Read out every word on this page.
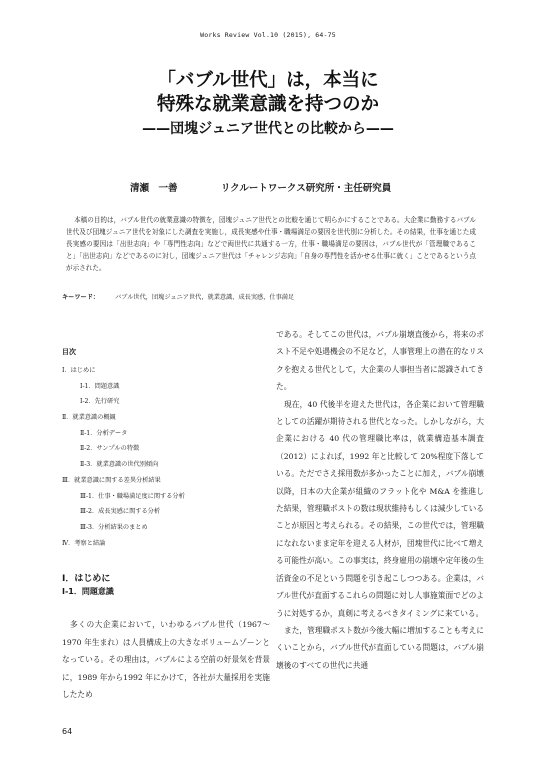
Works Review Vol.10 (2015), 64-75
「バブル世代」は，本当に
特殊な就業意識を持つのか
——団塊ジュニア世代との比較から——
清瀬　一善	リクルートワークス研究所・主任研究員
本稿の目的は，バブル世代の就業意識の特徴を，団塊ジュニア世代との比較を通じて明らかにすることである。大企業に勤務するバブル世代及び団塊ジュニア世代を対象にした調査を実施し，成長実感や仕事・職場満足の要因を世代別に分析した。その結果，仕事を通じた成長実感の要因は「出世志向」や「専門性志向」などで両世代に共通する一方，仕事・職場満足の要因は，バブル世代が「管理職であること」「出世志向」などであるのに対し，団塊ジュニア世代は「チャレンジ志向」「自身の専門性を活かせる仕事に就く」ことであるという点が示された。
キーワード：	バブル世代，団塊ジュニア世代，就業意識，成長実感，仕事満足
目次
Ⅰ．はじめに
Ⅰ-1．問題意識
Ⅰ-2．先行研究
Ⅱ．就業意識の概観
Ⅱ-1．分析データ
Ⅱ-2．サンプルの特徴
Ⅱ-3．就業意識の世代別傾向
Ⅲ．就業意識に関する差異分析結果
Ⅲ-1．仕事・職場満足度に関する分析
Ⅲ-2．成長実感に関する分析
Ⅲ-3．分析結果のまとめ
Ⅳ．考察と結論
Ⅰ．はじめに
Ⅰ-1．問題意識
多くの大企業において，いわゆるバブル世代（1967～1970 年生まれ）は人員構成上の大きなボリュームゾーンとなっている。その理由は，バブルによる空前の好景気を背景に，1989 年から1992 年にかけて，各社が大量採用を実施したため

である。そしてこの世代は，バブル崩壊直後から，将来のポスト不足や処遇機会の不足など，人事管理上の潜在的なリスクを抱える世代として，大企業の人事担当者に認識されてきた。

現在，40 代後半を迎えた世代は，各企業において管理職としての活躍が期待される世代となった。しかしながら，大企業における 40 代の管理職比率は，就業構造基本調査（2012）によれば，1992 年と比較して 20%程度下落している。ただでさえ採用数が多かったことに加え，バブル崩壊以降，日本の大企業が組織のフラット化や M&A を推進した結果，管理職ポストの数は現状維持もしくは減少していることが原因と考えられる。その結果，この世代では，管理職になれないまま定年を迎える人材が，団塊世代に比べて増える可能性が高い。この事実は，終身雇用の崩壊や定年後の生活資金の不足という問題を引き起こしつつある。企業は，バブル世代が直面するこれらの問題に対し人事施策面でどのように対処するか，真剣に考えるべきタイミングに来ている。

また，管理職ポスト数が今後大幅に増加することも考えにくいことから，バブル世代が直面している問題は，バブル崩壊後のすべての世代に共通

64
